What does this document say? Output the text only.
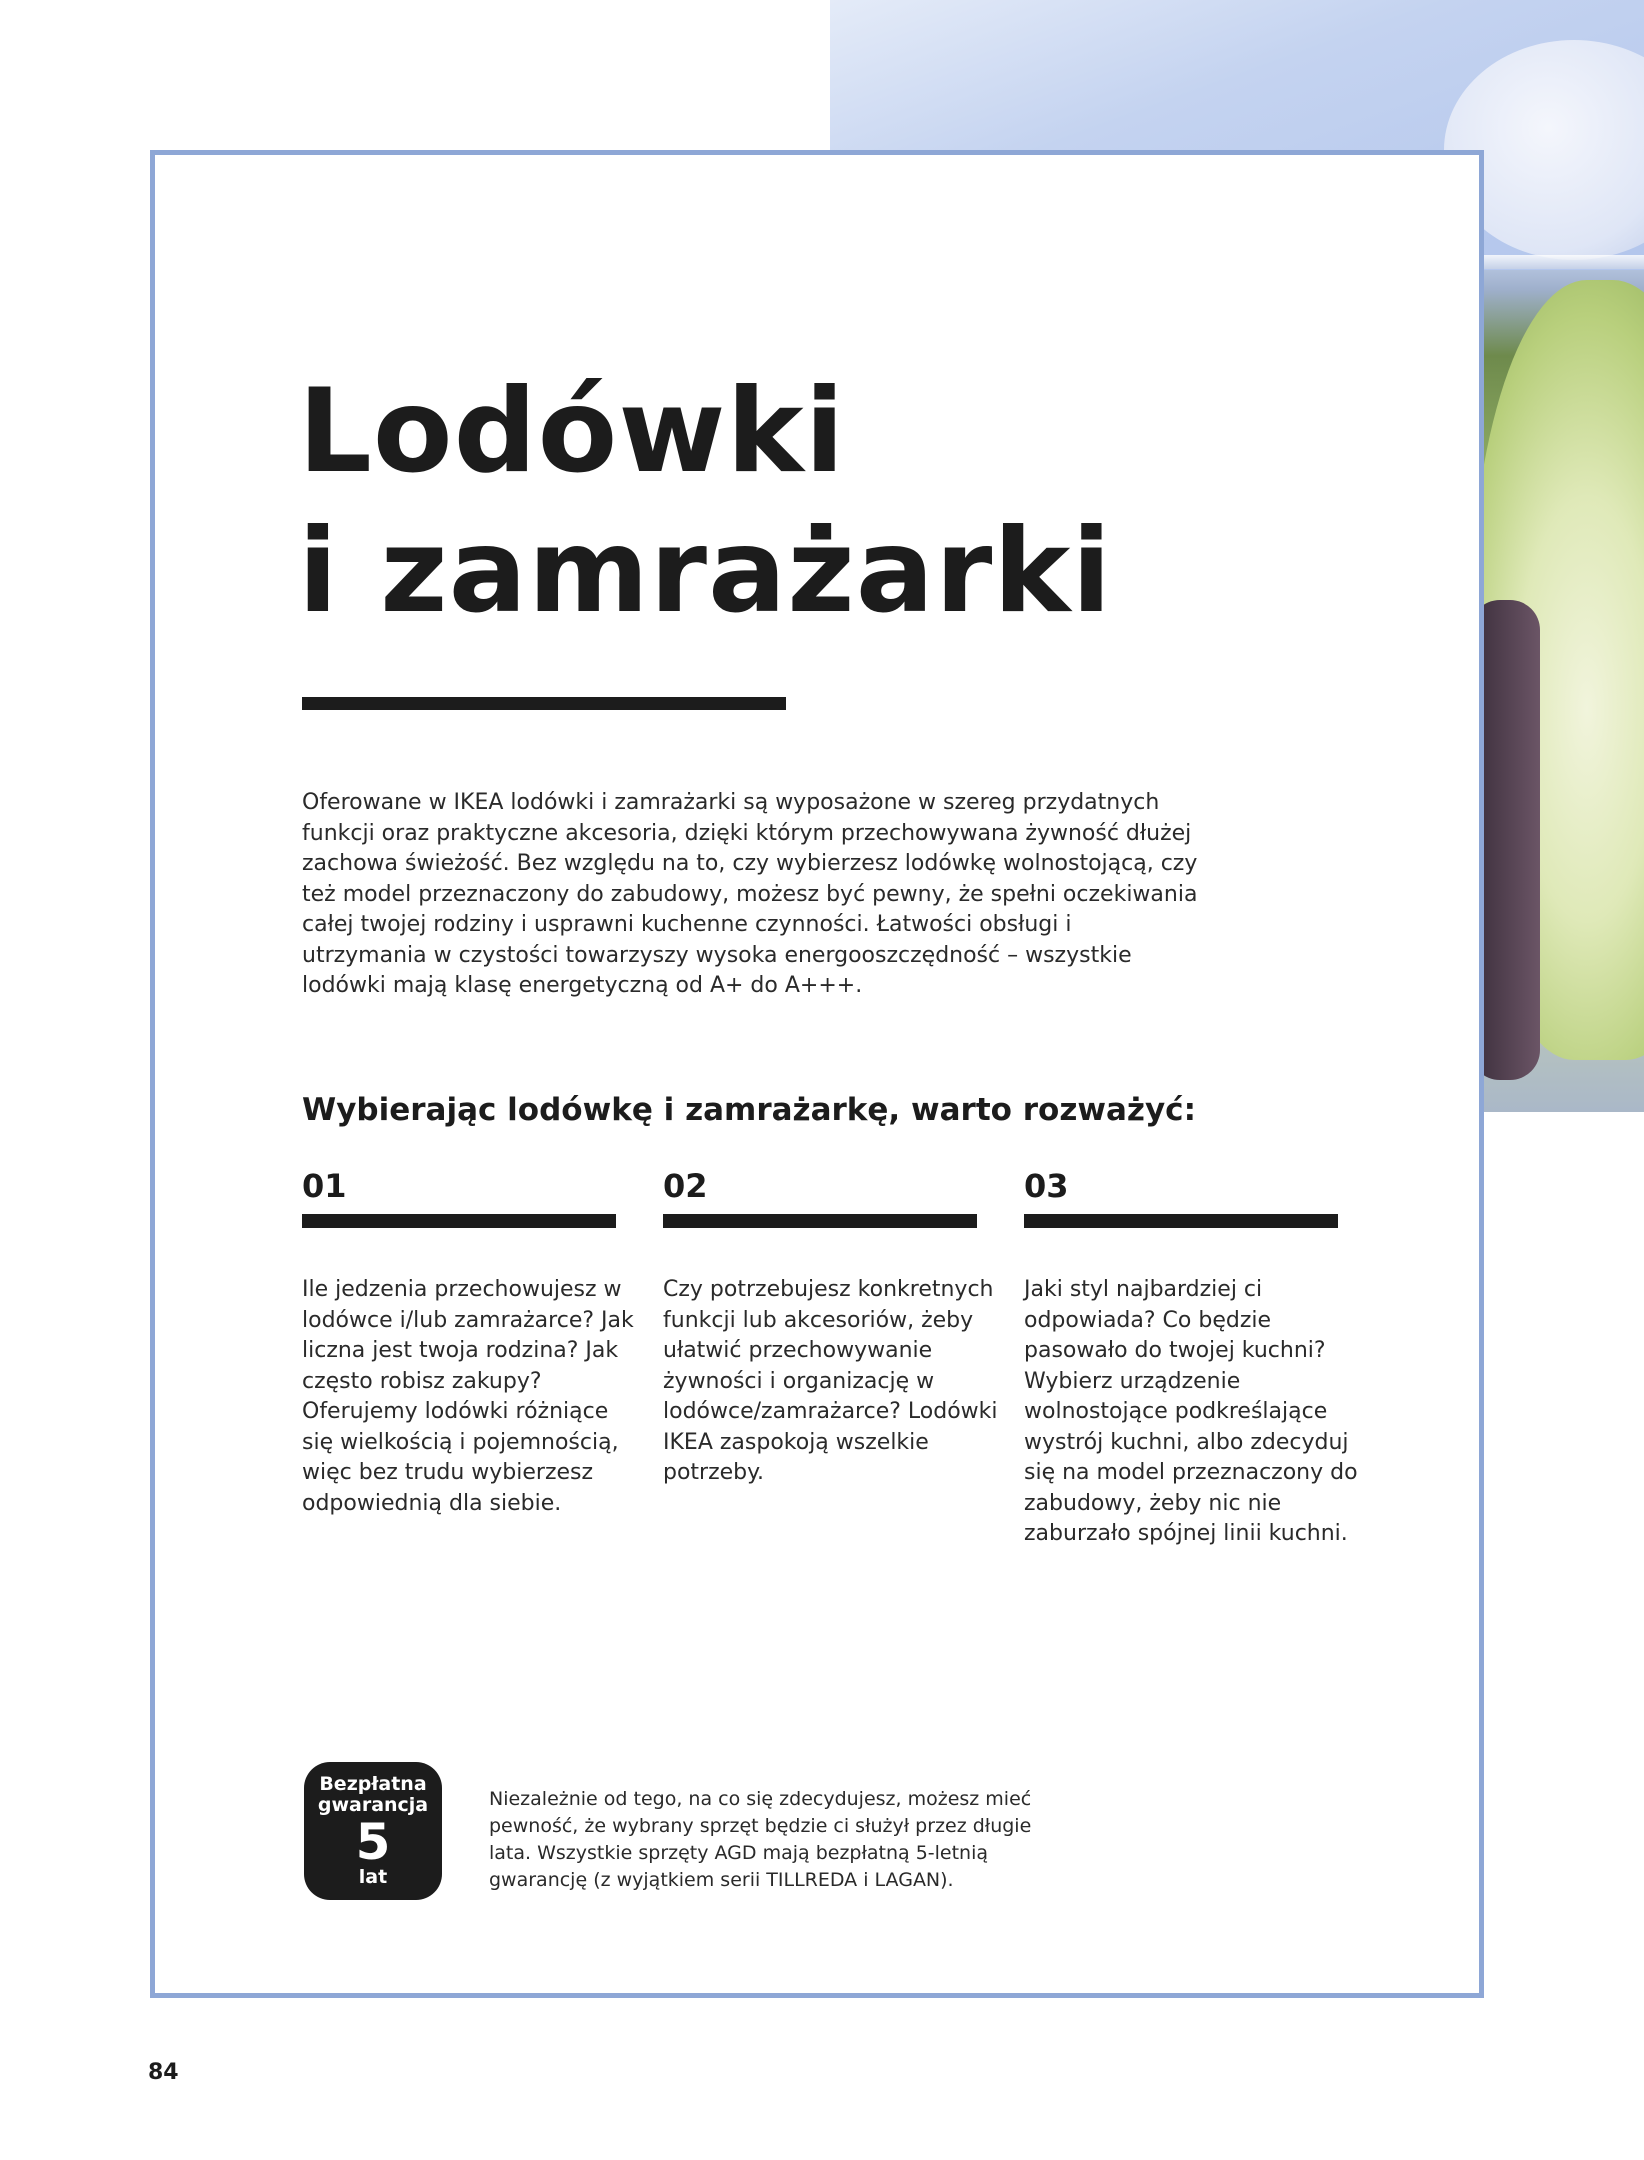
Lodówki
i zamrażarki

Oferowane w IKEA lodówki i zamrażarki są wyposażone w szereg przydatnych funkcji oraz praktyczne akcesoria, dzięki którym przechowywana żywność dłużej zachowa świeżość. Bez względu na to, czy wybierzesz lodówkę wolnostojącą, czy też model przeznaczony do zabudowy, możesz być pewny, że spełni oczekiwania całej twojej rodziny i usprawni kuchenne czynności. Łatwości obsługi i utrzymania w czystości towarzyszy wysoka energooszczędność – wszystkie lodówki mają klasę energetyczną od A+ do A+++.

Wybierając lodówkę i zamrażarkę, warto rozważyć:

01

Ile jedzenia przechowujesz w lodówce i/lub zamrażarce? Jak liczna jest twoja rodzina? Jak często robisz zakupy? Oferujemy lodówki różniące się wielkością i pojemnością, więc bez trudu wybierzesz odpowiednią dla siebie.

02

Czy potrzebujesz konkretnych funkcji lub akcesoriów, żeby ułatwić przechowywanie żywności i organizację w lodówce/zamrażarce? Lodówki IKEA zaspokoją wszelkie potrzeby.

03

Jaki styl najbardziej ci odpowiada? Co będzie pasowało do twojej kuchni? Wybierz urządzenie wolnostojące podkreślające wystrój kuchni, albo zdecyduj się na model przeznaczony do zabudowy, żeby nic nie zaburzało spójnej linii kuchni.
Bezpłatna
gwarancja
5
lat

Niezależnie od tego, na co się zdecydujesz, możesz mieć pewność, że wybrany sprzęt będzie ci służył przez długie lata. Wszystkie sprzęty AGD mają bezpłatną 5-letnią gwarancję (z wyjątkiem serii TILLREDA i LAGAN).

84
